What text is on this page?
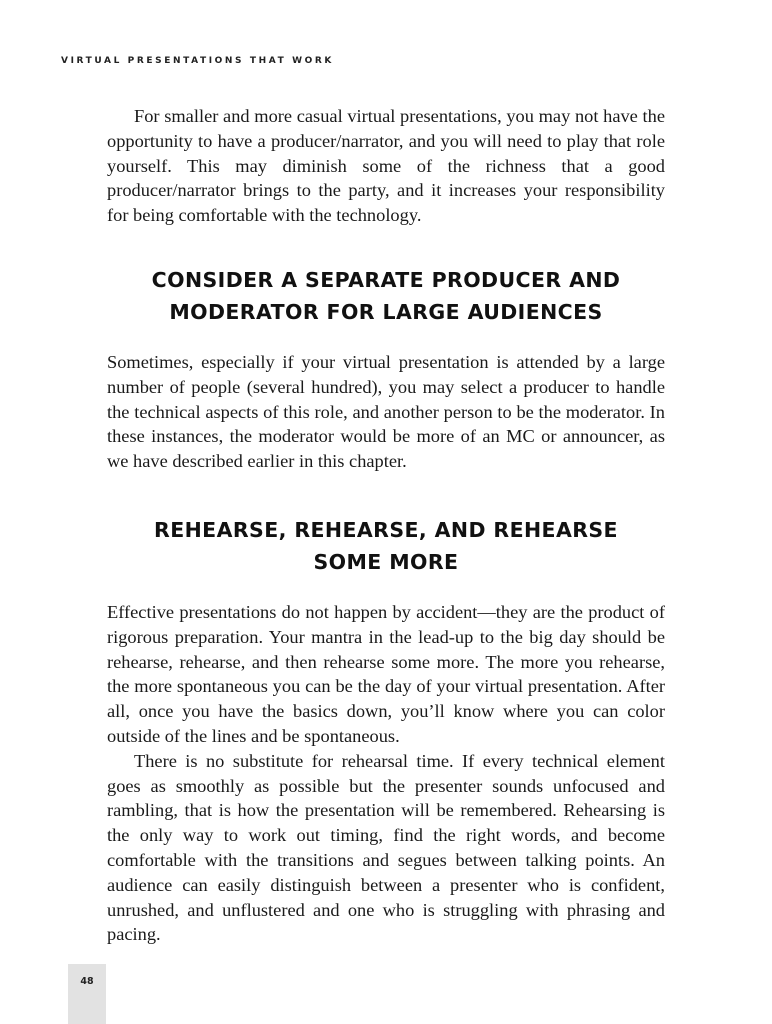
VIRTUAL PRESENTATIONS THAT WORK

For smaller and more casual virtual presentations, you may not have the opportunity to have a producer/narrator, and you will need to play that role yourself. This may diminish some of the richness that a good producer/narrator brings to the party, and it increases your responsibility for being comfortable with the technology.

CONSIDER A SEPARATE PRODUCER AND
MODERATOR FOR LARGE AUDIENCES

Sometimes, especially if your virtual presentation is attended by a large number of people (several hundred), you may select a producer to handle the technical aspects of this role, and another person to be the moderator. In these instances, the moderator would be more of an MC or announcer, as we have described earlier in this chapter.

REHEARSE, REHEARSE, AND REHEARSE
SOME MORE

Effective presentations do not happen by accident—they are the product of rigorous preparation. Your mantra in the lead-up to the big day should be rehearse, rehearse, and then rehearse some more. The more you rehearse, the more spontaneous you can be the day of your virtual presentation. After all, once you have the basics down, you’ll know where you can color outside of the lines and be spontaneous.

There is no substitute for rehearsal time. If every technical element goes as smoothly as possible but the presenter sounds unfocused and rambling, that is how the presentation will be remembered. Rehearsing is the only way to work out timing, find the right words, and become comfortable with the transitions and segues between talking points. An audience can easily distinguish between a presenter who is confident, unrushed, and unflustered and one who is struggling with phrasing and pacing.

48
